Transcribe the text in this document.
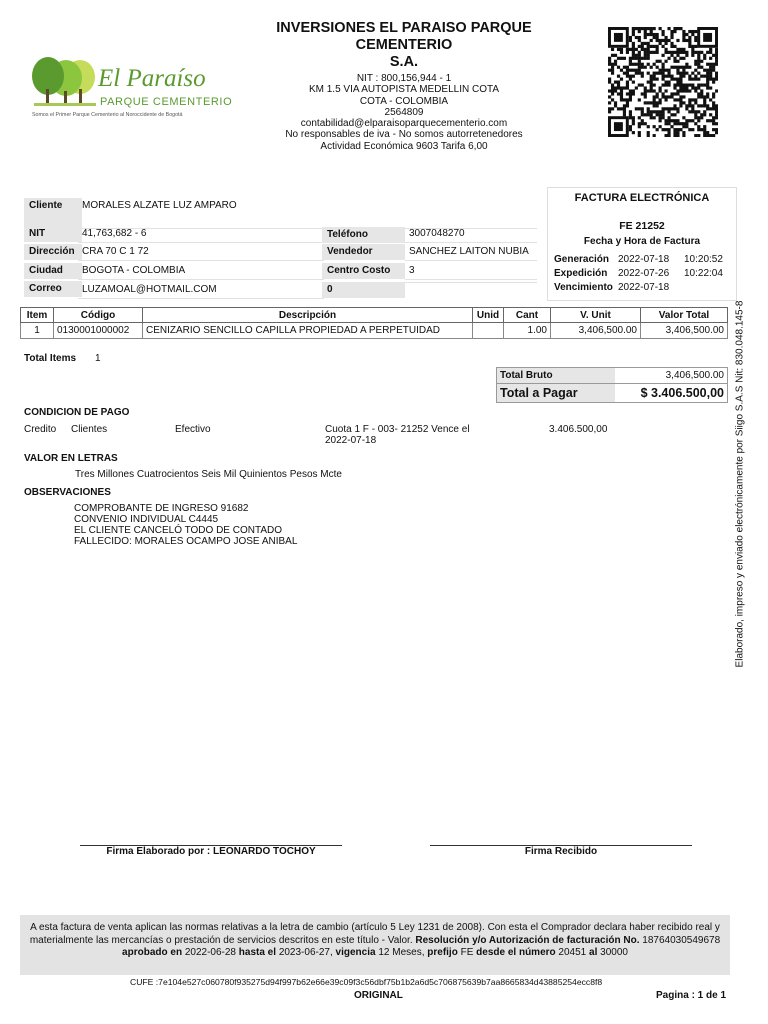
El Paraíso
PARQUE CEMENTERIO
Somos el Primer Parque Cementerio al Noroccidente de Bogotá
INVERSIONES EL PARAISO PARQUE CEMENTERIO
S.A.
NIT : 800,156,944 - 1
KM 1.5 VIA AUTOPISTA MEDELLIN COTA
COTA - COLOMBIA
2564809
contabilidad@elparaisoparquecementerio.com
No responsables de iva - No somos autorretenedores
Actividad Económica 9603 Tarifa 6,00
FACTURA ELECTRÓNICA
FE 21252
Fecha y Hora de Factura
Generación 2022-07-18 10:20:52
Expedición 2022-07-26 10:22:04
Vencimiento 2022-07-18
Cliente	MORALES ALZATE LUZ AMPARO
NIT	41,763,682 - 6	Teléfono	3007048270
Dirección CRA 70 C 1 72	Vendedor	SANCHEZ LAITON NUBIA
Ciudad	BOGOTA - COLOMBIA	Centro Costo	3
Correo	LUZAMOAL@HOTMAIL.COM	0
Item	Código	Descripción	Unid	Cant	V. Unit	Valor Total
1	0130001000002	CENIZARIO SENCILLO CAPILLA PROPIEDAD A PERPETUIDAD		1.00	3,406,500.00	3,406,500.00
Total Items 1
Total Bruto	3,406,500.00
Total a Pagar	$ 3.406.500,00
CONDICION DE PAGO
Credito Clientes	Efectivo	Cuota 1 F - 003- 21252 Vence el
2022-07-18
3.406.500,00
VALOR EN LETRAS
Tres Millones Cuatrocientos Seis Mil Quinientos Pesos Mcte
OBSERVACIONES
COMPROBANTE DE INGRESO 91682
CONVENIO INDIVIDUAL C4445
EL CLIENTE CANCELÓ TODO DE CONTADO
FALLECIDO: MORALES OCAMPO JOSE ANIBAL
Firma Elaborado por : LEONARDO TOCHOY	Firma Recibido
A esta factura de venta aplican las normas relativas a la letra de cambio (artículo 5 Ley 1231 de 2008). Con esta el Comprador declara haber recibido real y materialmente las mercancías o prestación de servicios descritos en este título - Valor. Resolución y/o Autorización de facturación No. 18764030549678 aprobado en 2022-06-28 hasta el 2023-06-27, vigencia 12 Meses, prefijo FE desde el número 20451 al 30000
CUFE :7e104e527c060780f935275d94f997b62e66e39c09f3c56dbf75b1b2a6d5c706875639b7aa8665834d43885254ecc8f8
ORIGINAL	Pagina : 1 de 1
Elaborado, impreso y enviado electrónicamente por Siigo S.A.S Nit: 830.048.145-8
